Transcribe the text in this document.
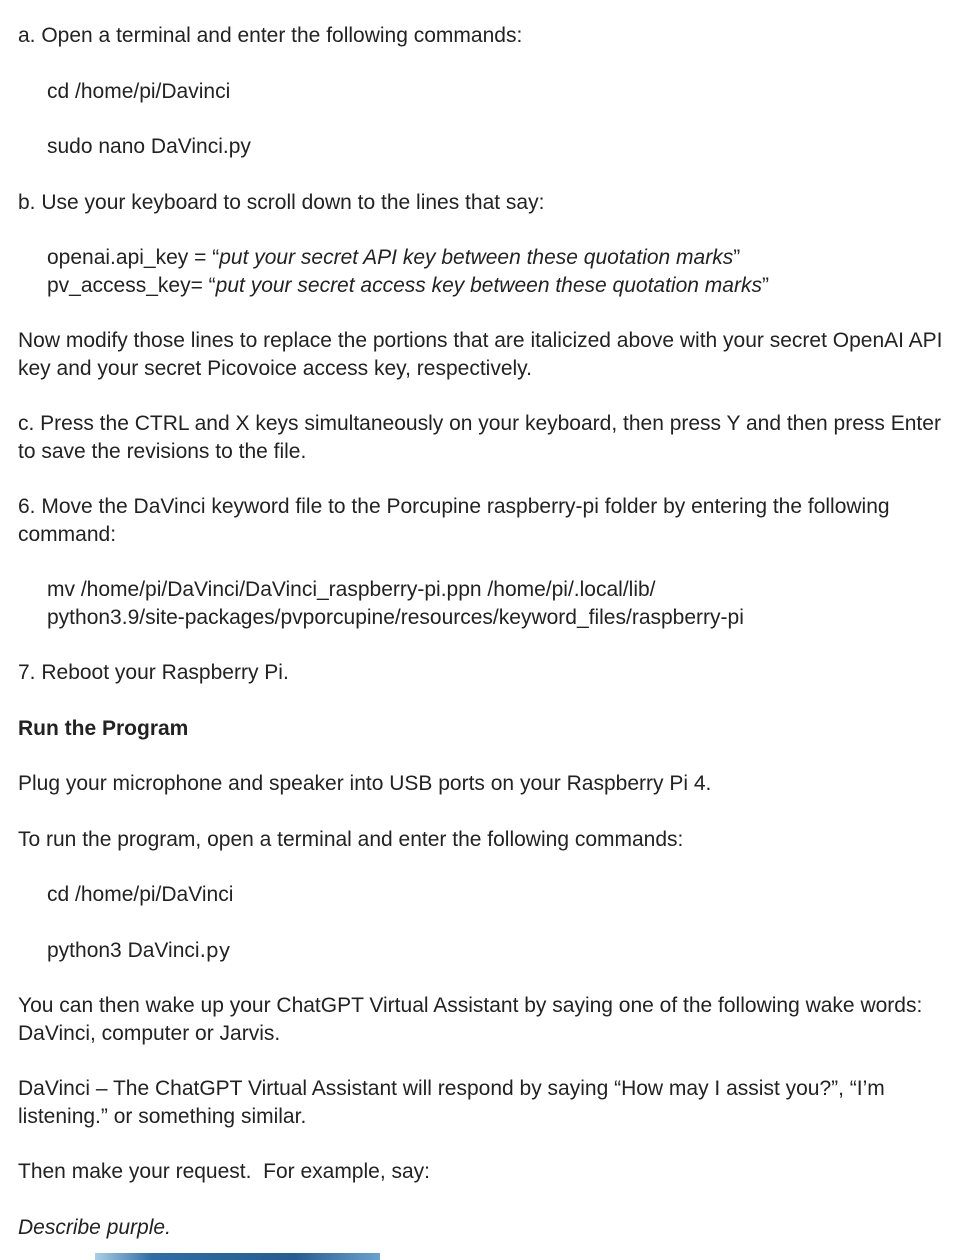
a. Open a terminal and enter the following commands:

cd /home/pi/Davinci

sudo nano DaVinci.py

b. Use your keyboard to scroll down to the lines that say:

openai.api_key = “put your secret API key between these quotation marks”
pv_access_key= “put your secret access key between these quotation marks”

Now modify those lines to replace the portions that are italicized above with your secret OpenAI API key and your secret Picovoice access key, respectively.

c. Press the CTRL and X keys simultaneously on your keyboard, then press Y and then press Enter to save the revisions to the file.

6. Move the DaVinci keyword file to the Porcupine raspberry-pi folder by entering the following command:

mv /home/pi/DaVinci/DaVinci_raspberry-pi.ppn /home/pi/.local/lib/
python3.9/site-packages/pvporcupine/resources/keyword_files/raspberry-pi

7. Reboot your Raspberry Pi.

Run the Program

Plug your microphone and speaker into USB ports on your Raspberry Pi 4.

To run the program, open a terminal and enter the following commands:

cd /home/pi/DaVinci

python3 DaVinci.py

You can then wake up your ChatGPT Virtual Assistant by saying one of the following wake words: DaVinci, computer or Jarvis.

DaVinci – The ChatGPT Virtual Assistant will respond by saying “How may I assist you?”, “I’m listening.” or something similar.

Then make your request.  For example, say:

Describe purple.
